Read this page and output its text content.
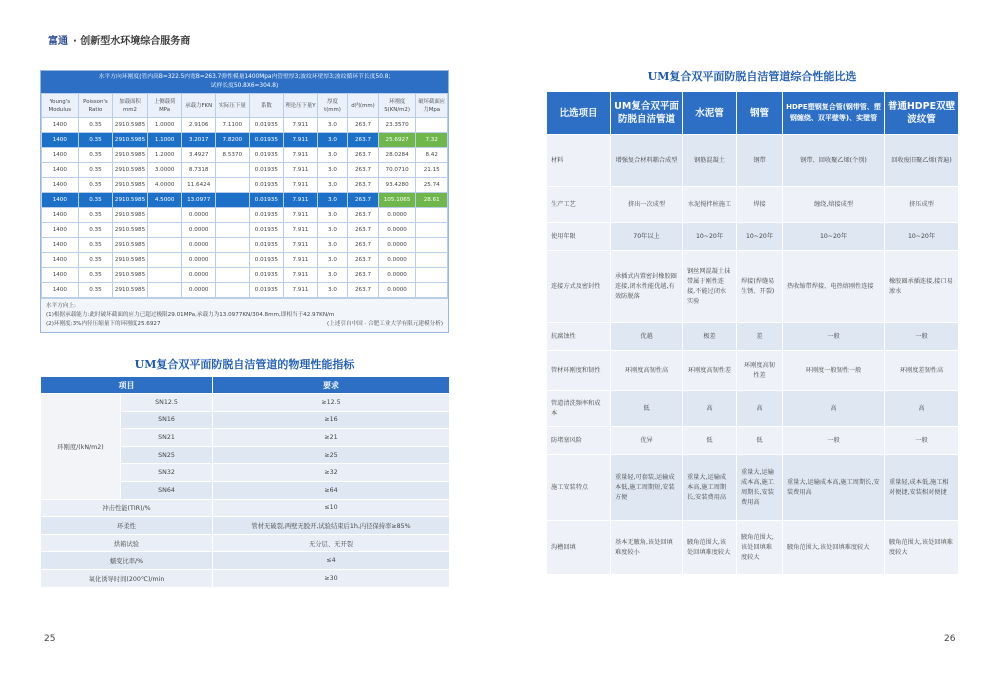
富通 · 创新型水环境综合服务商
水平方向环刚度(管内高B=322.5内宽B=263.7弹性模量1400Mpa内管壁厚3;波纹环壁厚3;波纹循环节长度50.8;
试样长度50.8X6=304.8)
Young's Modulus	Poisson's Ratio	加载面积mm2	上侧载荷MPa	承载力FKN	实际压下量	系数	理论压下量Y	厚度t(mm)	d内(mm)	环刚度S(KN/m2)	破坏截面应力Mpa
1400	0.35	2910.5985	1.0000	2.9106	7.1100	0.01935	7.911	3.0	263.7	23.3570	
1400	0.35	2910.5985	1.1000	3.2017	7.8200	0.01935	7.911	3.0	263.7	25.6927	7.32
1400	0.35	2910.5985	1.2000	3.4927	8.5370	0.01935	7.911	3.0	263.7	28.0284	8.42
1400	0.35	2910.5985	3.0000	8.7318		0.01935	7.911	3.0	263.7	70.0710	21.15
1400	0.35	2910.5985	4.0000	11.6424		0.01935	7.911	3.0	263.7	93.4280	25.74
1400	0.35	2910.5985	4.5000	13.0977		0.01935	7.911	3.0	263.7	105.1065	28.61
1400	0.35	2910.5985		0.0000		0.01935	7.911	3.0	263.7	0.0000	
1400	0.35	2910.5985		0.0000		0.01935	7.911	3.0	263.7	0.0000	
1400	0.35	2910.5985		0.0000		0.01935	7.911	3.0	263.7	0.0000	
1400	0.35	2910.5985		0.0000		0.01935	7.911	3.0	263.7	0.0000	
1400	0.35	2910.5985		0.0000		0.01935	7.911	3.0	263.7	0.0000	
1400	0.35	2910.5985		0.0000		0.01935	7.911	3.0	263.7	0.0000	
水平方向上:
(1)根据承载能力:此时破坏截面的应力已超过极限29.01MPa,承载力为13.0977KN/304.8mm,即相当于42.97KN/m
(2)环刚度:3%内径压缩量下的环刚度25.6927	(上述引自中国 · 合肥工业大学有限元建模分析)
UM复合双平面防脱自洁管道的物理性能指标
项目		要求
环刚度/(kN/m2)	SN12.5	≥12.5
	SN16	≥16
	SN21	≥21
	SN25	≥25
	SN32	≥32
	SN64	≥64
冲击性能(TIR)/%		≤10
环柔性		管材无破裂,两壁无脱开,试验结束后1h,内径保持率≥85%
烘箱试验		无分层、无开裂
蠕变比率/%		≤4
氧化诱导时间(200℃)/min		≥30
UM复合双平面防脱自洁管道综合性能比选
比选项目	UM复合双平面防脱自洁管道	水泥管	钢管	HDPE塑钢复合管(钢带管、塑钢缠绕、双平壁等)、实壁管	普通HDPE双壁波纹管
材料	增强复合材料耦合成型	钢筋混凝土	钢带	钢带、回收聚乙烯(个别)	回收废旧聚乙烯(普遍)
生产工艺	挤出一次成型	水泥搅拌桩施工	焊接	缠绕,熔接成型	挤压成型
使用年限	70年以上	10~20年	10~20年	10~20年	10~20年
连接方式及密封性	承插式内置密封橡胶圈连接,闭水性能优越,有效防脱落	钢丝网混凝土抹带属于刚性连接,不能过闭水实验	焊接(焊缝易生锈、开裂)	热收缩带焊接、电热熔刚性连接	橡胶圈承插连接,接口易渗水
抗腐蚀性	优越	极差	差	一般	一般
管材环刚度和韧性	环刚度高韧性高	环刚度高韧性差	环刚度高韧性差	环刚度一般韧性一般	环刚度差韧性高
管道清洗频率和成本	低	高	高	高	高
防堵塞风险	优异	低	低	一般	一般
施工安装特点	重量轻,可套装,运输成本低,施工周期短,安装方便	重量大,运输成本高,施工周期长,安装费用高	重量大,运输成本高,施工周期长,安装费用高	重量大,运输成本高,施工周期长,安装费用高	重量轻,成本低,施工相对便捷,安装相对便捷
沟槽回填	基本无腋角,该处回填难度较小	腋角范围大,该处回填难度较大	腋角范围大,该处回填难度较大	腋角范围大,该处回填难度较大	腋角范围大,该处回填难度较大
25	26
